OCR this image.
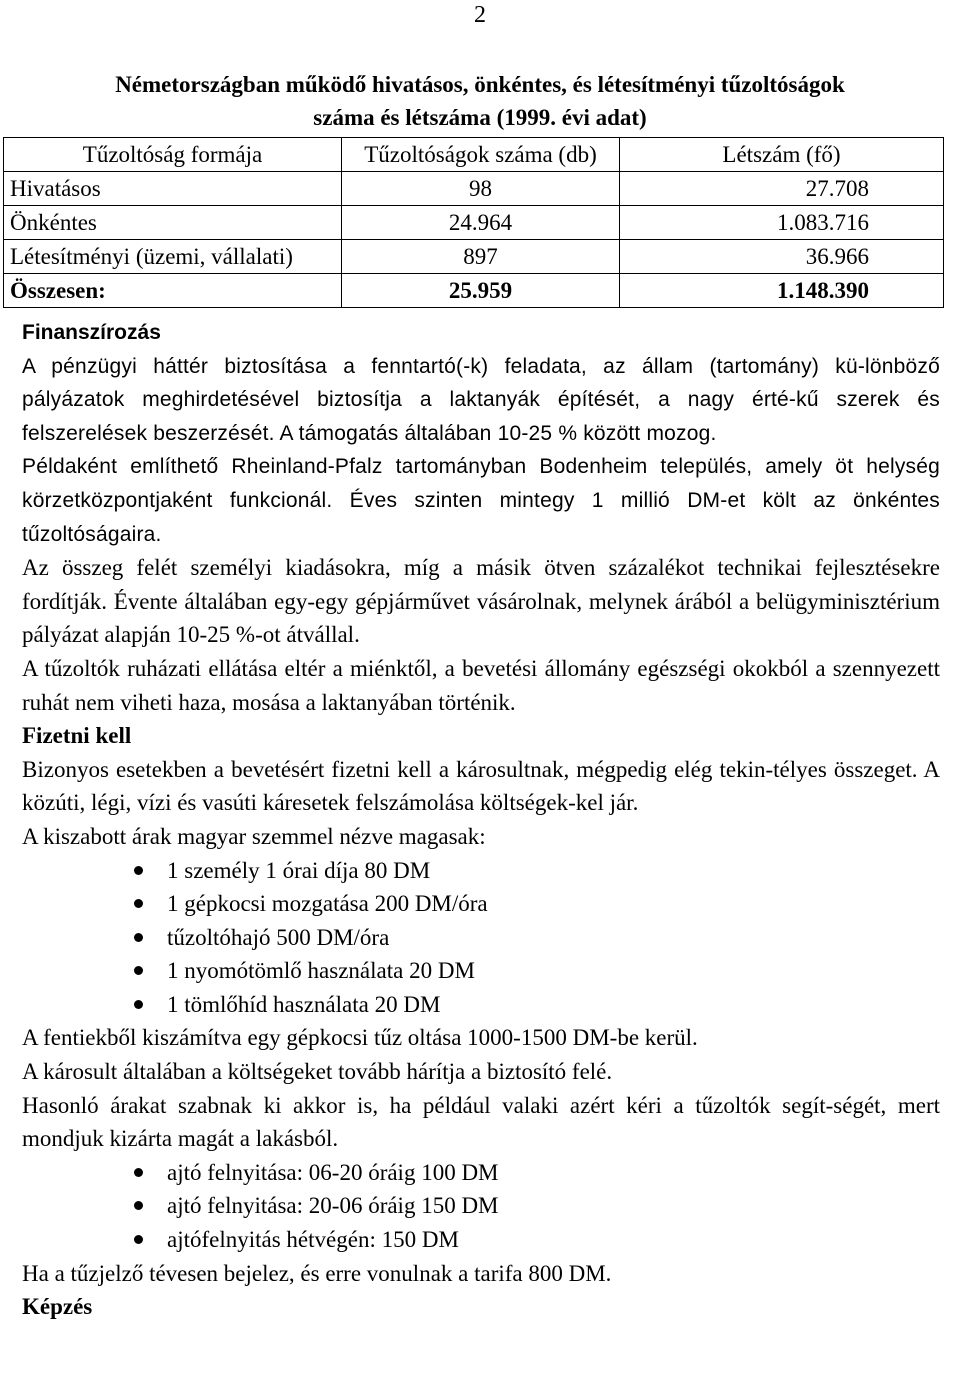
2
Németországban működő hivatásos, önkéntes, és létesítményi tűzoltóságok
száma és létszáma (1999. évi adat)
Tűzoltóság formája	Tűzoltóságok száma (db)	Létszám (fő)
Hivatásos	98	27.708
Önkéntes	24.964	1.083.716
Létesítményi (üzemi, vállalati)	897	36.966
Összesen:	25.959	1.148.390

Finanszírozás

A pénzügyi háttér biztosítása a fenntartó(-k) feladata, az állam (tartomány) kü-lönböző pályázatok meghirdetésével biztosítja a laktanyák építését, a nagy érté-kű szerek és felszerelések beszerzését. A támogatás általában 10-25 % között mozog.

Példaként említhető Rheinland-Pfalz tartományban Bodenheim település, amely öt helység körzetközpontjaként funkcionál. Éves szinten mintegy 1 millió DM-et költ az önkéntes tűzoltóságaira.

Az összeg felét személyi kiadásokra, míg a másik ötven százalékot technikai fejlesztésekre fordítják. Évente általában egy-egy gépjárművet vásárolnak, melynek árából a belügyminisztérium pályázat alapján 10-25 %-ot átvállal.

A tűzoltók ruházati ellátása eltér a miénktől, a bevetési állomány egészségi okokból a szennyezett ruhát nem viheti haza, mosása a laktanyában történik.

Fizetni kell

Bizonyos esetekben a bevetésért fizetni kell a károsultnak, mégpedig elég tekin-télyes összeget. A közúti, légi, vízi és vasúti káresetek felszámolása költségek-kel jár.

A kiszabott árak magyar szemmel nézve magasak:

1 személy 1 órai díja 80 DM
1 gépkocsi mozgatása 200 DM/óra
tűzoltóhajó 500 DM/óra
1 nyomótömlő használata 20 DM
1 tömlőhíd használata 20 DM

A fentiekből kiszámítva egy gépkocsi tűz oltása 1000-1500 DM-be kerül.

A károsult általában a költségeket tovább hárítja a biztosító felé.

Hasonló árakat szabnak ki akkor is, ha például valaki azért kéri a tűzoltók segít-ségét, mert mondjuk kizárta magát a lakásból.

ajtó felnyitása: 06-20 óráig 100 DM
ajtó felnyitása: 20-06 óráig 150 DM
ajtófelnyitás hétvégén: 150 DM

Ha a tűzjelző tévesen bejelez, és erre vonulnak a tarifa 800 DM.

Képzés
